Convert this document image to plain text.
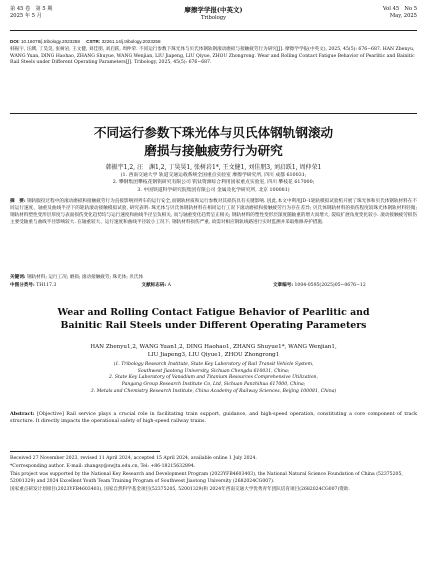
第 45 卷　第 5 期
2025 年 5 月
摩擦学学报(中英文)
Tribology
Vol 45　No 5
May, 2025
DOI: 10.16078/j.tribology.2023258 CSTR: 32261.14/j.tribology.2023258
韩振宇, 汪渊, 丁昊昊, 张树岩, 王文健, 刘佳朋, 刘启跃, 周仲荣. 不同运行参数下珠光体与贝氏体钢轨钢滚动磨损与接触疲劳行为研究[J]. 摩擦学学报(中英文), 2025, 45(5): 676−687. HAN Zhenyu, WANG Yuan, DING Haohao, ZHANG Shuyue, WANG Wenjian, LIU Jiapeng, LIU Qiyue, ZHOU Zhongrong. Wear and Rolling Contact Fatigue Behavior of Pearlitic and Bainitic Rail Steels under Different Operating Parameters[J]. Tribology, 2025, 45(5): 676−687.
不同运行参数下珠光体与贝氏体钢轨钢滚动
磨损与接触疲劳行为研究
韩振宇1,2, 汪　渊1,2, 丁昊昊1, 张树岩1*, 王文健1, 刘佳朋3, 刘启跃1, 周仲荣1
(1. 西南交通大学 轨道交通运载系统全国重点实验室 摩擦学研究所, 四川 成都 610031;
2. 攀钢集团攀枝花钢钒研究有限公司 钒钛资源综合利用国家重点实验室, 四川 攀枝花 617000;
3. 中国铁道科学研究院集团有限公司 金属及化学研究所, 北京 100081)
摘　要: 钢轨服役过程中的滚动磨损和接触疲劳行为直接影响到列车的运行安全,而钢轨材质和运行参数对其损伤具有关键影响. 因此,本文中利用JD-1轮轨模拟试验机开展了珠光体和贝氏体钢轨材料在不同运行速度、轴重及曲线半径下的轮轨滚动接触模拟试验, 研究表明: 珠光体与贝氏体钢轨材料在相同运行工况下滚动磨损和接触疲劳行为存在差异; 贝氏体钢轨材料的损伤程度较珠光体钢轨材料轻微; 钢轨材料塑性变形层厚度与表面损伤变化趋势均与运行速度和曲线半径呈负相关, 而与轴重变化趋势呈正相关; 钢轨材料的塑性变形层深度随轴重的增大而增大, 裂纹扩展角度变化较小. 滚动接触疲劳损伤主要受轴重与曲线半径影响较大. 在轴重较大、运行速度和曲线半径较小工况下, 钢轨材料损伤严重, 故需对相应钢轨线路进行实时监测并采取维修养护措施.
关键词: 钢轨材料; 运行工况; 磨损; 滚动接触疲劳; 珠光体; 贝氏体
中图分类号: TH117.3	文献标志码: A	文章编号: 1004-0595(2025)05−0676−12
Wear and Rolling Contact Fatigue Behavior of Pearlitic and
Bainitic Rail Steels under Different Operating Parameters
HAN Zhenyu1,2, WANG Yuan1,2, DING Haohao1, ZHANG Shuyue1*, WANG Wenjian1,
LIU Jiapeng3, LIU Qiyue1, ZHOU Zhongrong1
(1. Tribology Research Institute, State Key Laboratory of Rail Transit Vehicle System,
Southwest Jiaotong University, Sichuan Chengdu 610031, China;
2. State Key Laboratory of Vanadium and Titanium Resources Comprehensive Utilization,
Pangang Group Research Institute Co, Ltd, Sichuan Panzhihua 617000, China;
3. Metals and Chemistry Research Institute, China Academy of Railway Sciences, Beijing 100081, China)
Abstract: [Objective] Rail service plays a crucial role in facilitating train support, guidance, and high-speed operation, constituting a core component of track structure. It directly impacts the operational safety of high-speed railway trains.

Received 27 November 2023, revised 11 April 2024, accepted 15 April 2024, available online 1 July 2024.

*Corresponding author. E-mail: zhangsy@swjtu.edu.cn, Tel: +86-18215632894.

This project was supported by the National Key Research and Development Program (2023YFB4603403), the National Natural Science Foundation of China (52375205, 52001329) and 2024 Excellent Youth Team Training Program of Southwest Jiaotong University (2682024CG007).

国家重点研发计划项目(2023YFB4603403), 国家自然科学基金项目(52375205, 52001329)和 2024年西南交通大学优秀青年团队培育项目(2682024CG007)资助.
